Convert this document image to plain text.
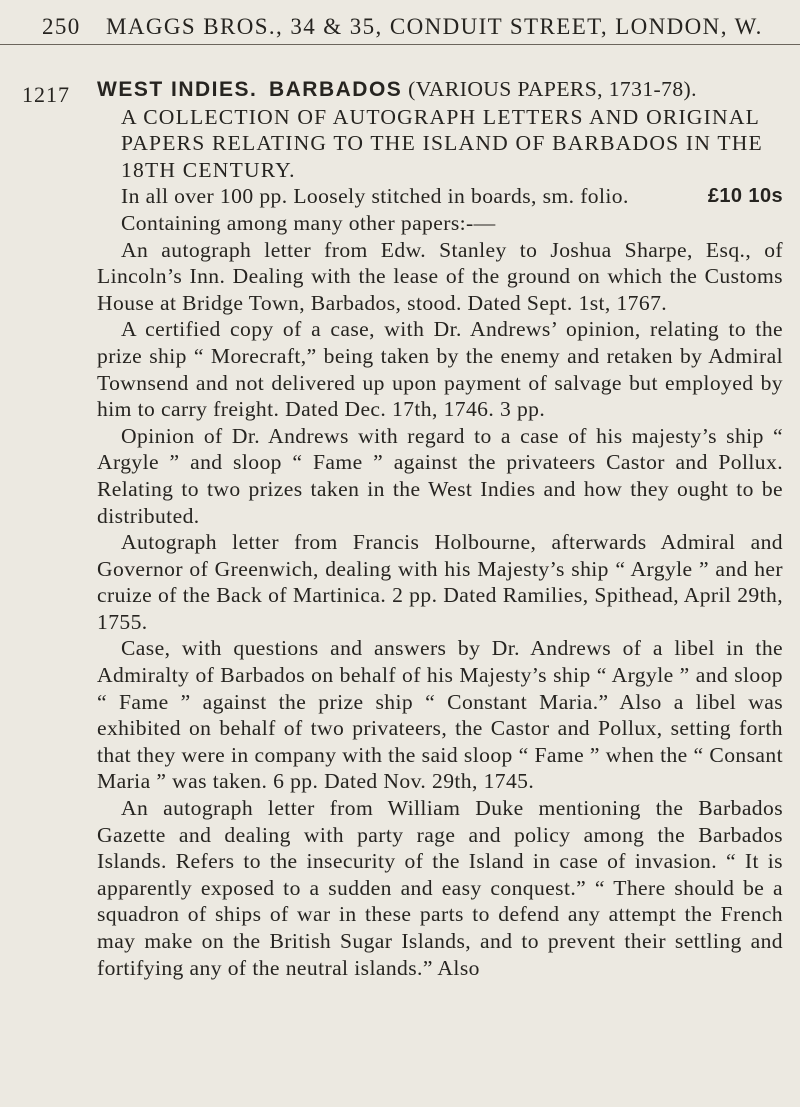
250 MAGGS BROS., 34 & 35, CONDUIT STREET, LONDON, W.
1217 WEST INDIES. BARBADOS (VARIOUS PAPERS, 1731-78).

A COLLECTION OF AUTOGRAPH LETTERS AND ORIGINAL PAPERS RELATING TO THE ISLAND OF BARBADOS IN THE 18TH CENTURY.

In all over 100 pp. Loosely stitched in boards, sm. folio.	£10 10s

Containing among many other papers:-—

An autograph letter from Edw. Stanley to Joshua Sharpe, Esq., of Lincoln’s Inn. Dealing with the lease of the ground on which the Customs House at Bridge Town, Barbados, stood. Dated Sept. 1st, 1767.

A certified copy of a case, with Dr. Andrews’ opinion, relating to the prize ship “ Morecraft,” being taken by the enemy and retaken by Admiral Townsend and not delivered up upon payment of salvage but employed by him to carry freight. Dated Dec. 17th, 1746. 3 pp.

Opinion of Dr. Andrews with regard to a case of his majesty’s ship “ Argyle ” and sloop “ Fame ” against the privateers Castor and Pollux. Relating to two prizes taken in the West Indies and how they ought to be distributed.

Autograph letter from Francis Holbourne, afterwards Admiral and Governor of Greenwich, dealing with his Majesty’s ship “ Argyle ” and her cruize of the Back of Martinica. 2 pp. Dated Ramilies, Spithead, April 29th, 1755.

Case, with questions and answers by Dr. Andrews of a libel in the Admiralty of Barbados on behalf of his Majesty’s ship “ Argyle ” and sloop “ Fame ” against the prize ship “ Constant Maria.” Also a libel was exhibited on behalf of two privateers, the Castor and Pollux, setting forth that they were in company with the said sloop “ Fame ” when the “ Consant Maria ” was taken. 6 pp. Dated Nov. 29th, 1745.

An autograph letter from William Duke mentioning the Barbados Gazette and dealing with party rage and policy among the Barbados Islands. Refers to the insecurity of the Island in case of invasion. “ It is apparently exposed to a sudden and easy conquest.” “ There should be a squadron of ships of war in these parts to defend any attempt the French may make on the British Sugar Islands, and to prevent their settling and fortifying any of the neutral islands.” Also
